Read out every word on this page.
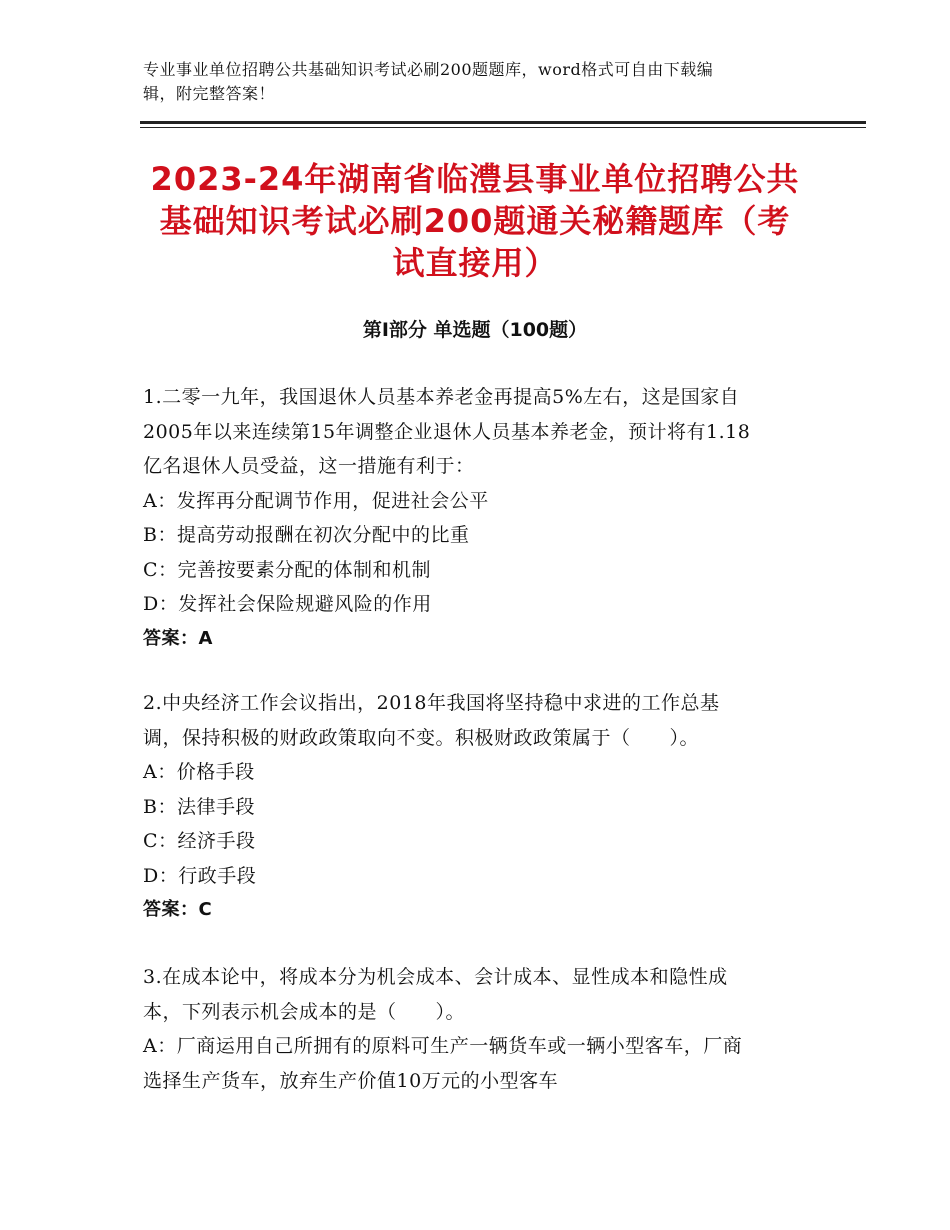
专业事业单位招聘公共基础知识考试必刷200题题库，word格式可自由下载编
辑，附完整答案！
2023-24年湖南省临澧县事业单位招聘公共
基础知识考试必刷200题通关秘籍题库（考
试直接用）
第Ⅰ部分 单选题（100题）
1.二零一九年，我国退休人员基本养老金再提高5%左右，这是国家自
2005年以来连续第15年调整企业退休人员基本养老金，预计将有1.18
亿名退休人员受益，这一措施有利于：
A：发挥再分配调节作用，促进社会公平
B：提高劳动报酬在初次分配中的比重
C：完善按要素分配的体制和机制
D：发挥社会保险规避风险的作用
答案：A
2.中央经济工作会议指出，2018年我国将坚持稳中求进的工作总基
调，保持积极的财政政策取向不变。积极财政政策属于（　　）。
A：价格手段
B：法律手段
C：经济手段
D：行政手段
答案：C
3.在成本论中，将成本分为机会成本、会计成本、显性成本和隐性成
本，下列表示机会成本的是（　　）。
A：厂商运用自己所拥有的原料可生产一辆货车或一辆小型客车，厂商
选择生产货车，放弃生产价值10万元的小型客车
